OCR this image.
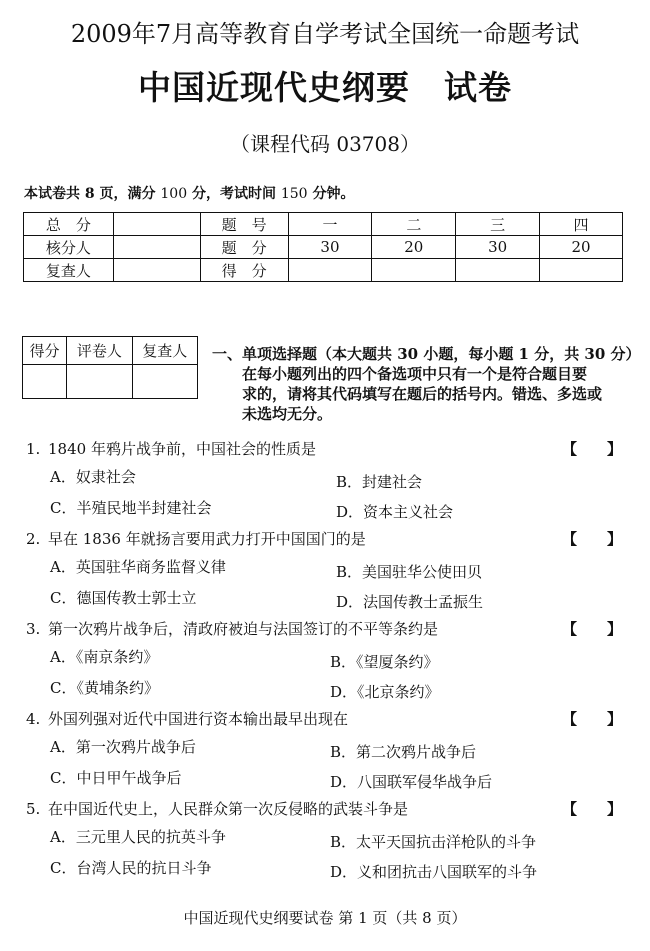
2009年7月高等教育自学考试全国统一命题考试
中国近现代史纲要　试卷
（课程代码 03708）
本试卷共 8 页，满分 100 分，考试时间 150 分钟。
总　分		题　号	一	二	三	四
核分人		题　分	30	20	30	20
复查人		得　分				
得分	评卷人	复查人
		一、单项选择题（本大题共 30 小题，每小题 1 分，共 30 分）
在每小题列出的四个备选项中只有一个是符合题目要
求的，请将其代码填写在题后的括号内。错选、多选或
未选均无分。
1. 1840 年鸦片战争前，中国社会的性质是	【　　】
A．奴隶社会	B．封建社会
C．半殖民地半封建社会	D．资本主义社会
2. 早在 1836 年就扬言要用武力打开中国国门的是	【　　】
A．英国驻华商务监督义律	B．美国驻华公使田贝
C．德国传教士郭士立	D．法国传教士孟振生
3. 第一次鸦片战争后，清政府被迫与法国签订的不平等条约是	【　　】
A．《南京条约》	B．《望厦条约》
C．《黄埔条约》	D．《北京条约》
4. 外国列强对近代中国进行资本输出最早出现在	【　　】
A．第一次鸦片战争后	B．第二次鸦片战争后
C．中日甲午战争后	D．八国联军侵华战争后
5. 在中国近代史上，人民群众第一次反侵略的武装斗争是	【　　】
A．三元里人民的抗英斗争	B．太平天国抗击洋枪队的斗争
C．台湾人民的抗日斗争	D．义和团抗击八国联军的斗争
中国近现代史纲要试卷 第 1 页（共 8 页）
